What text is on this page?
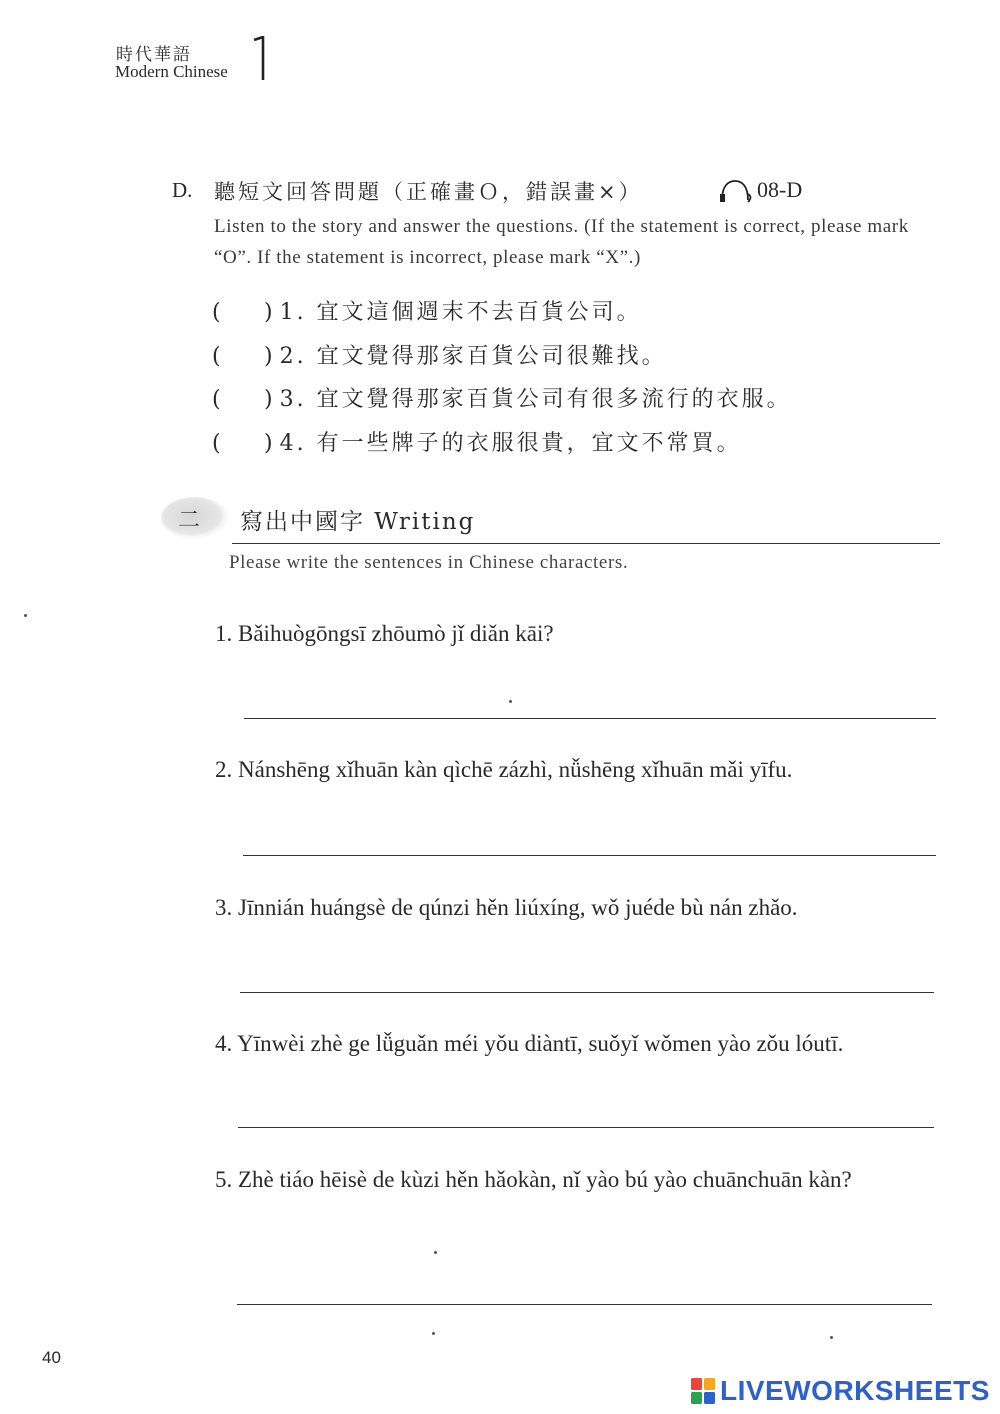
時代華語
Modern Chinese
D. 聽短文回答問題（正確畫Ｏ，錯誤畫×）	08-D
Listen to the story and answer the questions. (If the statement is correct, please mark “O”. If the statement is incorrect, please mark “X”.)
( ) 1. 宜文這個週末不去百貨公司。
( ) 2. 宜文覺得那家百貨公司很難找。
( ) 3. 宜文覺得那家百貨公司有很多流行的衣服。
( ) 4. 有一些牌子的衣服很貴，宜文不常買。
二 寫出中國字 Writing
Please write the sentences in Chinese characters.
1. Bǎihuògōngsī zhōumò jǐ diǎn kāi?
2. Nánshēng xǐhuān kàn qìchē zázhì, nǚshēng xǐhuān mǎi yīfu.
3. Jīnnián huángsè de qúnzi hěn liúxíng, wǒ juéde bù nán zhǎo.
4. Yīnwèi zhè ge lǚguǎn méi yǒu diàntī, suǒyǐ wǒmen yào zǒu lóutī.
5. Zhè tiáo hēisè de kùzi hěn hǎokàn, nǐ yào bú yào chuānchuān kàn?
40
LIVEWORKSHEETS
